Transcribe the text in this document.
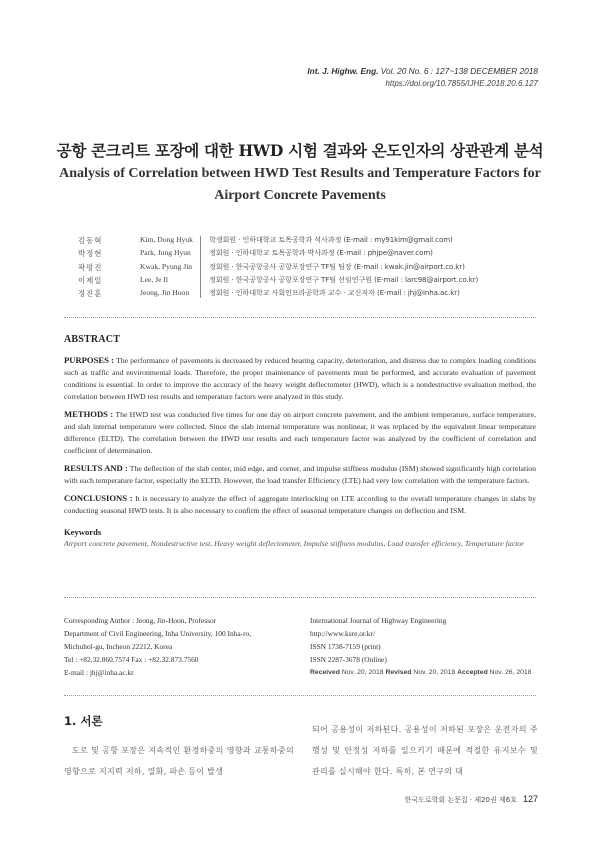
Int. J. Highw. Eng. Vol. 20 No. 6 : 127~138 DECEMBER 2018
https://doi.org/10.7855/IJHE.2018.20.6.127
공항 콘크리트 포장에 대한 HWD 시험 결과와 온도인자의 상관관계 분석
Analysis of Correlation between HWD Test Results and Temperature Factors for Airport Concrete Pavements
김동혁	Kim, Dong Hyuk 학생회원 · 인하대학교 토목공학과 석사과정 (E-mail : my91kim@gmail.com)
박정현	Park, Jung Hyun	정회원 · 인하대학교 토목공학과 박사과정 (E-mail : phjpe@naver.com)
곽평진	Kwak, Pyung Jin 정회원 · 한국공항공사 공항포장연구 TF팀 팀장 (E-mail : kwak.jin@airport.co.kr)
이제일	Lee, Je Il	정회원 · 한국공항공사 공항포장연구 TF팀 선임연구원 (E-mail : larc98@airport.co.kr)
정진훈	Jeong, Jin Hoon	정회원 · 인하대학교 사회인프라공학과 교수 · 교신저자 (E-mail : jhj@inha.ac.kr)
ABSTRACT

PURPOSES : The performance of pavements is decreased by reduced bearing capacity, deterioration, and distress due to complex loading conditions such as traffic and environmental loads. Therefore, the proper maintenance of pavements must be performed, and accurate evaluation of pavement conditions is essential. In order to improve the accuracy of the heavy weight deflectometer (HWD), which is a nondestructive evaluation method, the correlation between HWD test results and temperature factors were analyzed in this study.

METHODS : The HWD test was conducted five times for one day on airport concrete pavement, and the ambient temperature, surface temperature, and slab internal temperature were collected. Since the slab internal temperature was nonlinear, it was replaced by the equivalent linear temperature difference (ELTD). The correlation between the HWD test results and each temperature factor was analyzed by the coefficient of correlation and coefficient of determination.

RESULTS AND : The deflection of the slab center, mid edge, and corner, and impulse stiffness modulus (ISM) showed significantly high correlation with each temperature factor, especially the ELTD. However, the load transfer Efficiency (LTE) had very low correlation with the temperature factors.

CONCLUSIONS : It is necessary to analyze the effect of aggregate interlocking on LTE according to the overall temperature changes in slabs by conducting seasonal HWD tests. It is also necessary to confirm the effect of seasonal temperature changes on deflection and ISM.

Keywords
Airport concrete pavement, Nondestructive test, Heavy weight deflectometer, Impulse stiffness modulus, Load transfer efficiency, Temperature factor
Corresponding Author : Jeong, Jin-Hoon, Professor
Department of Civil Engineering, Inha University, 100 Inha-ro,
Michuhol-gu, Incheon 22212, Korea
Tel : +82.32.860.7574 Fax : +82.32.873.7560
E-mail : jhj@inha.ac.kr
International Journal of Highway Engineering
http://www.ksre.or.kr/
ISSN 1738-7159 (print)
ISSN 2287-3678 (Online)
Received Nov. 20, 2018 Revised Nov. 20, 2018 Accepted Nov. 26, 2018
1. 서론

도로 및 공항 포장은 지속적인 환경하중의 영향과 교통하중의 영향으로 지지력 저하, 열화, 파손 등이 발생

되어 공용성이 저하된다. 공용성이 저하된 포장은 운전자의 주행성 및 안정성 저하를 일으키기 때문에 적절한 유지보수 및 관리를 실시해야 한다. 특히, 본 연구의 대

한국도로학회 논문집 · 제20권 제6호 127
